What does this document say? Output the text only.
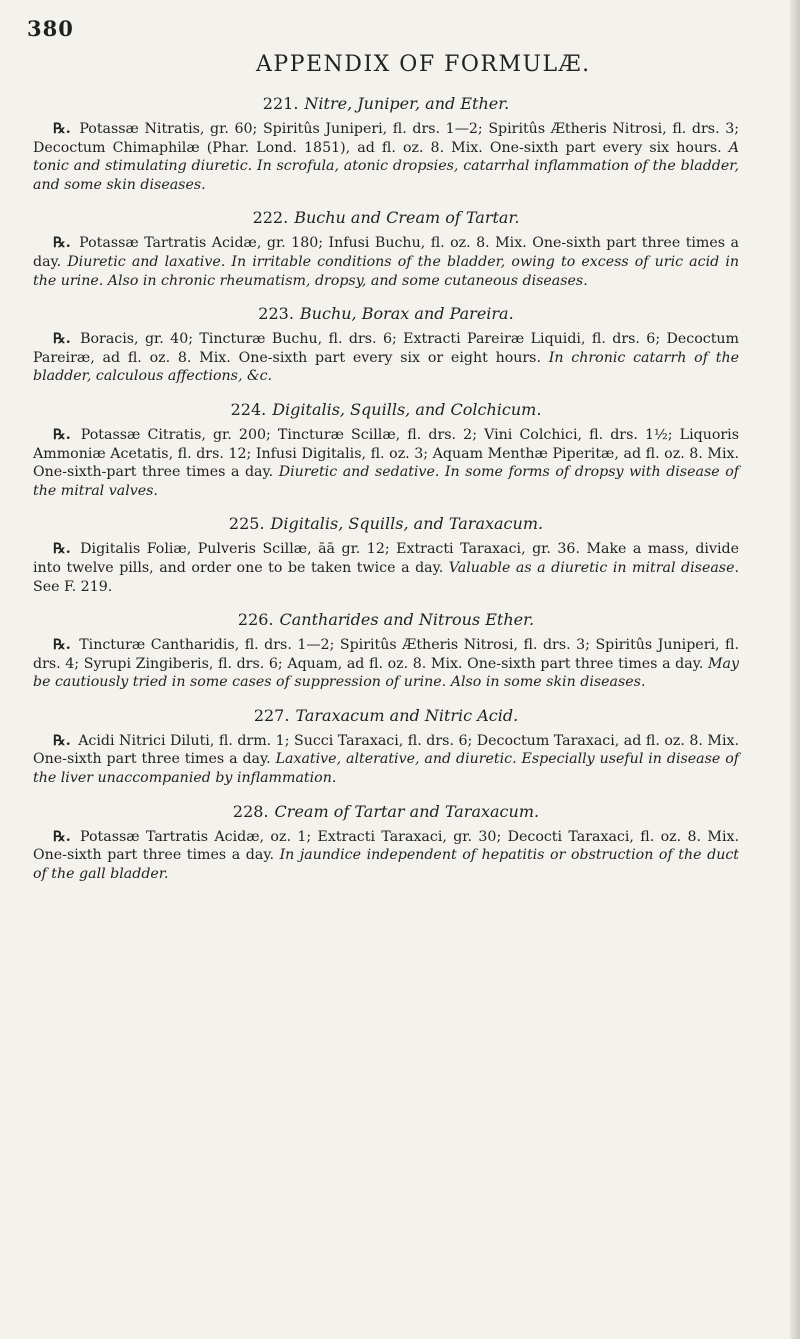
380
APPENDIX OF FORMULÆ.

221. Nitre, Juniper, and Ether.

℞. Potassæ Nitratis, gr. 60; Spiritûs Juniperi, fl. drs. 1—2; Spiritûs Ætheris Nitrosi, fl. drs. 3; Decoctum Chimaphilæ (Phar. Lond. 1851), ad fl. oz. 8. Mix. One-sixth part every six hours. A tonic and stimulating diuretic. In scrofula, atonic dropsies, catarrhal inflammation of the bladder, and some skin diseases.

222. Buchu and Cream of Tartar.

℞. Potassæ Tartratis Acidæ, gr. 180; Infusi Buchu, fl. oz. 8. Mix. One-sixth part three times a day. Diuretic and laxative. In irritable conditions of the bladder, owing to excess of uric acid in the urine. Also in chronic rheumatism, dropsy, and some cutaneous diseases.

223. Buchu, Borax and Pareira.

℞. Boracis, gr. 40; Tincturæ Buchu, fl. drs. 6; Extracti Pareiræ Liquidi, fl. drs. 6; Decoctum Pareiræ, ad fl. oz. 8. Mix. One-sixth part every six or eight hours. In chronic catarrh of the bladder, calculous affections, &c.

224. Digitalis, Squills, and Colchicum.

℞. Potassæ Citratis, gr. 200; Tincturæ Scillæ, fl. drs. 2; Vini Colchici, fl. drs. 1½; Liquoris Ammoniæ Acetatis, fl. drs. 12; Infusi Digitalis, fl. oz. 3; Aquam Menthæ Piperitæ, ad fl. oz. 8. Mix. One-sixth-part three times a day. Diuretic and sedative. In some forms of dropsy with disease of the mitral valves.

225. Digitalis, Squills, and Taraxacum.

℞. Digitalis Foliæ, Pulveris Scillæ, āā gr. 12; Extracti Taraxaci, gr. 36. Make a mass, divide into twelve pills, and order one to be taken twice a day. Valuable as a diuretic in mitral disease. See F. 219.

226. Cantharides and Nitrous Ether.

℞. Tincturæ Cantharidis, fl. drs. 1—2; Spiritûs Ætheris Nitrosi, fl. drs. 3; Spiritûs Juniperi, fl. drs. 4; Syrupi Zingiberis, fl. drs. 6; Aquam, ad fl. oz. 8. Mix. One-sixth part three times a day. May be cautiously tried in some cases of suppression of urine. Also in some skin diseases.

227. Taraxacum and Nitric Acid.

℞. Acidi Nitrici Diluti, fl. drm. 1; Succi Taraxaci, fl. drs. 6; Decoctum Taraxaci, ad fl. oz. 8. Mix. One-sixth part three times a day. Laxative, alterative, and diuretic. Especially useful in disease of the liver unaccompanied by inflammation.

228. Cream of Tartar and Taraxacum.

℞. Potassæ Tartratis Acidæ, oz. 1; Extracti Taraxaci, gr. 30; Decocti Taraxaci, fl. oz. 8. Mix. One-sixth part three times a day. In jaundice independent of hepatitis or obstruction of the duct of the gall bladder.
